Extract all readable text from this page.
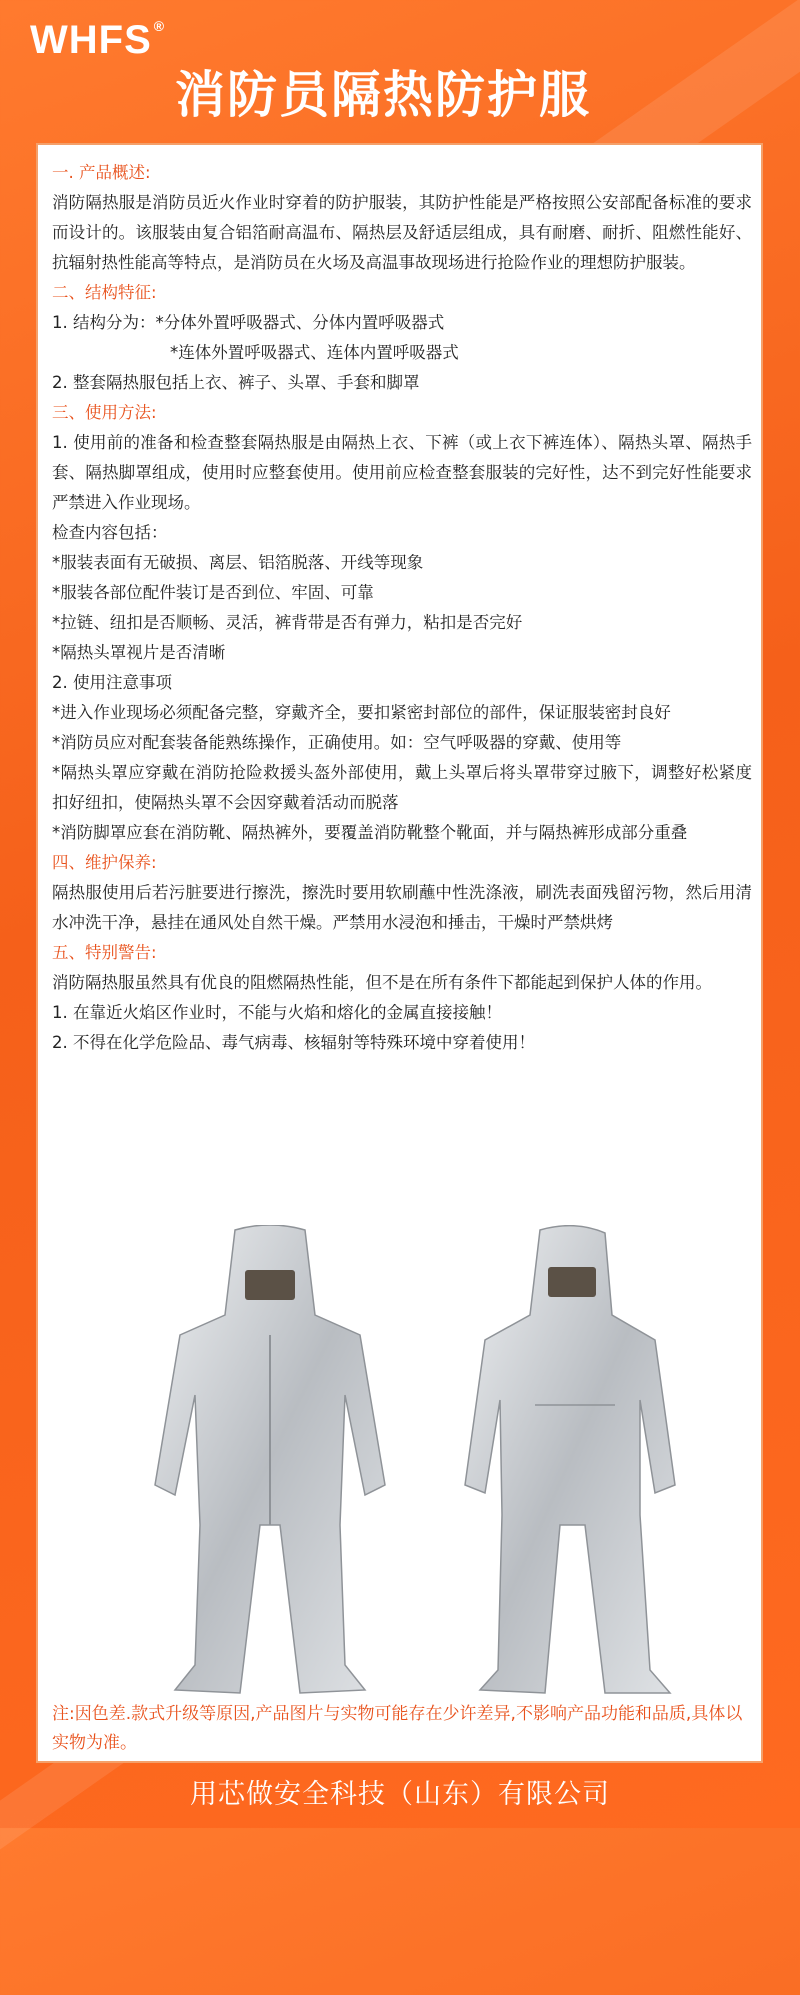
WHFS ®
消防员隔热防护服
一. 产品概述:

消防隔热服是消防员近火作业时穿着的防护服装，其防护性能是严格按照公安部配备标准的要求而设计的。该服装由复合铝箔耐高温布、隔热层及舒适层组成，具有耐磨、耐折、阻燃性能好、抗辐射热性能高等特点，是消防员在火场及高温事故现场进行抢险作业的理想防护服装。

二、结构特征:
1. 结构分为：*分体外置呼吸器式、分体内置呼吸器式
*连体外置呼吸器式、连体内置呼吸器式
2. 整套隔热服包括上衣、裤子、头罩、手套和脚罩
三、使用方法:

1. 使用前的准备和检查整套隔热服是由隔热上衣、下裤（或上衣下裤连体）、隔热头罩、隔热手套、隔热脚罩组成，使用时应整套使用。使用前应检查整套服装的完好性，达不到完好性能要求严禁进入作业现场。

检查内容包括：
*服装表面有无破损、离层、铝箔脱落、开线等现象
*服装各部位配件装订是否到位、牢固、可靠
*拉链、纽扣是否顺畅、灵活，裤背带是否有弹力，粘扣是否完好
*隔热头罩视片是否清晰
2. 使用注意事项

*进入作业现场必须配备完整，穿戴齐全，要扣紧密封部位的部件，保证服装密封良好

*消防员应对配套装备能熟练操作，正确使用。如：空气呼吸器的穿戴、使用等

*隔热头罩应穿戴在消防抢险救援头盔外部使用，戴上头罩后将头罩带穿过腋下，调整好松紧度扣好纽扣，使隔热头罩不会因穿戴着活动而脱落

*消防脚罩应套在消防靴、隔热裤外，要覆盖消防靴整个靴面，并与隔热裤形成部分重叠

四、维护保养:

隔热服使用后若污脏要进行擦洗，擦洗时要用软刷蘸中性洗涤液，刷洗表面残留污物，然后用清水冲洗干净，悬挂在通风处自然干燥。严禁用水浸泡和捶击，干燥时严禁烘烤

五、特别警告:

消防隔热服虽然具有优良的阻燃隔热性能，但不是在所有条件下都能起到保护人体的作用。

1. 在靠近火焰区作业时，不能与火焰和熔化的金属直接接触！
2. 不得在化学危险品、毒气病毒、核辐射等特殊环境中穿着使用！
注:因色差.款式升级等原因,产品图片与实物可能存在少许差异,不影响产品功能和品质,具体以实物为准。
用芯做安全科技（山东）有限公司
